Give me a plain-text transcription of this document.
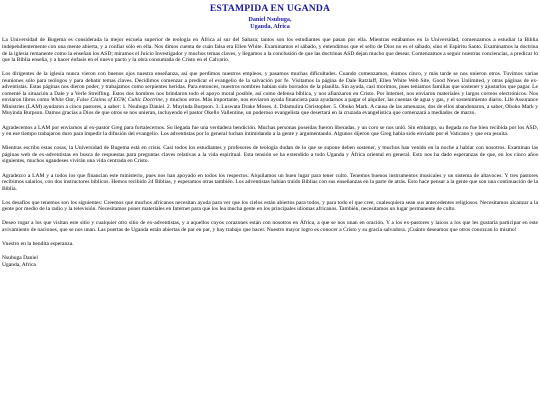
ESTAMPIDA EN UGANDA
Daniel Nsubuga,
Uganda, Africa

La Universidad de Bugema es considerada la mejor escuela superior de teología en África al sur del Sahara; tantos son los estudiantes que pasan por ella. Mientras estábamos en la Universidad, comenzamos a estudiar la Biblia independientemente con una mente abierta, y a confiar sólo en ella. Nos dimos cuenta de cuán falsa era Ellen White. Examinamos el sábado, y entendimos que el sello de Dios no es el sábado, sino el Espíritu Santo. Examinamos la doctrina de la iglesia remanente como la enseñan los ASD; miramos el Juicio Investigador y muchos temas claves, y llegamos a la conclusión de que las doctrinas ASD dejan mucho que desear. Comenzamos a seguir nuestras conciencias, a predicar lo que la Biblia enseña, y a hacer énfasis en el nuevo pacto y la obra consumada de Cristo en el Calvario.

Los dirigentes de la iglesia nunca vieron con buenos ojos nuestra enseñanza, así que perdimos nuestros empleos, y pasamos muchas dificultades. Cuando comenzamos, éramos cinco, y más tarde se nos unieron otros. Tuvimos varias reuniones sólo para teólogos y para debatir temas claves. Decidimos comenzar a predicar el evangelio de la salvación por fe. Visitamos la página de Dale Ratzlaff, Ellen White Web Site, Good News Unlimited, y otras páginas de ex-adventistas. Estas páginas nos dieron poder, y trabajamos como serpientes heridas. Para entonces, nuestros nombres habían sido borrados de la planilla. Sin ayuda, casi morimos, pues teníamos familias que sostener y ajustarlos que pagar. Le comenté la situación a Dale y a Verle Streifling. Estos dos hombres nos brindaron todo el apoyo moral posible, así como defensa bíblica, y nos afianzaron en Cristo. Por Internet, nos enviaron materiales y largos correos electrónicos. Nos enviaron libros como White Out, False Claims of EGW, Cultic Doctrine, y muchos otros. Más importante, nos enviaron ayuda financiera para ayudarnos a pagar el alquiler, las cuentas de agua y gas, y el sostenimiento diario. Life Assurance Ministries (LAM) ayudaron a cinco pastores, a saber: 1. Nsubuga Daniel. 2. Muyinda Burpson. 3. Luswata Drake Moses. 4. Ddamulira Christopher. 5. Oboko Mark. A causa de las amenazas, dos de ellos abandonaron, a saber, Oboko Mark y Muyinda Burpson. Damos gracias a Dios de que otros se nos unieran, incluyendo el pastor Okello Vallentine, un poderoso evangelista que desertará en la cruzada evangelística que comenzará a mediados de marzo.

Agradecemos a LAM por enviarnos al ex-pastor Greg para fortalecernos. Su llegada fue una verdadera bendición. Muchas personas poseídas fueron liberadas, y un coro se nos unió. Sin embargo, su llegada no fue bien recibida por los ASD, y en ese tiempo trabajaron duro para impedir la difusión del evangelio. Los adventistas por lo general luchan intimidando a la gente y argumentando. Algunos dijeron que Greg había sido enviado por el Vaticano y que era jesuita.

Mientras escribo estas cosas, la Universidad de Bugema está en crisis. Casi todos los estudiantes y profesores de teología dudan de lo que se supone deben sostener, y muchos han venido en la noche a hablar con nosotros. Examinan las páginas web de ex-adventistas en busca de respuestas para preguntas claves relativas a la vida espiritual. Esta tensión se ha extendido a todo Uganda y África oriental en general. Esto nos ha dado esperanzas de que, en los cinco años siguientes, muchos ugandeses vivirán una vida centrada en Cristo.

Agradezco a LAM y a todos los que financian este ministerio, pues nos han apoyado en todos los respectos. Alquilamos un buen lugar para tener culto. Tenemos buenos instrumentos musicales y un sistema de altavoces. Y tres pastores recibimos salarios, con dos instructores bíblicos. Hemos recibido 24 Biblias, y esperamos otras también. Los adventistas habían traído Biblias con sus enseñanzas en la parte de atrás. Esto hace pensar a la gente que son una continuación de la Biblia.

Los desafíos que tenemos son los siguientes: Creemos que muchos africanos necesitan ayuda para ver que los cielos están abiertos para todos, y para todo el que cree, cualesquiera sean sus antecedentes religiosos. Necesitamos alcanzar a la gente por medio de la radio y la televisión. Necesitamos poner materiales en Internet para que los lea mucha gente en los principales idiomas africanos. También, necesitamos un lugar permanente de culto.

Deseo rogar a los que visitan este sitio y cualquier otro sitio de ex-adventistas, y a aquellos cuyos corazones están con nosotros en África, a que se nos unan en oración. Y a los ex-pastores y laicos a los que les gustaría participar en este avivamiento de naciones, que se nos unan. Las puertas de Uganda están abiertas de par en par, y hay trabajo que hacer. Nuestro mayor logro es conocer a Cristo y su gracia salvadora. ¡Cuánto deseamos que otros conozcan lo mismo!

Vuestro en la bendita esperanza.

Nsubuga Daniel
Uganda, Africa
